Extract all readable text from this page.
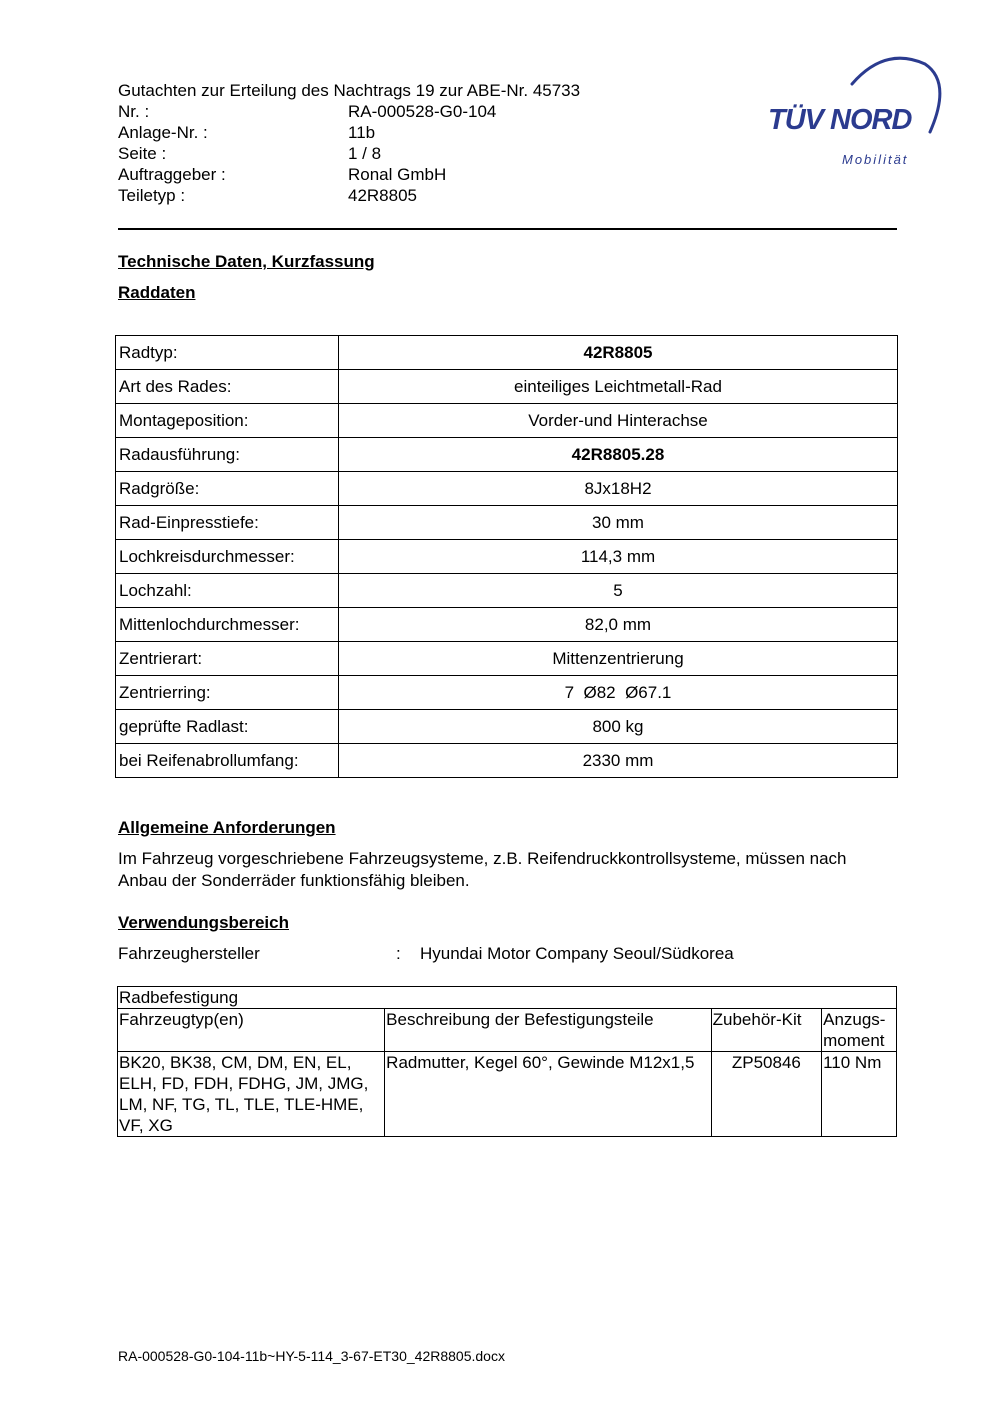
Gutachten zur Erteilung des Nachtrags 19 zur ABE-Nr. 45733
Nr. :	RA-000528-G0-104
Anlage-Nr. :	11b
Seite :	1 / 8
Auftraggeber :	Ronal GmbH
Teiletyp :	42R8805
TÜV NORD
Mobilität
Technische Daten, Kurzfassung
Raddaten
Radtyp:	42R8805
Art des Rades:	einteiliges Leichtmetall-Rad
Montageposition:	Vorder-und Hinterachse
Radausführung:	42R8805.28
Radgröße:	8Jx18H2
Rad-Einpresstiefe:	30 mm
Lochkreisdurchmesser:	114,3 mm
Lochzahl:	5
Mittenlochdurchmesser:	82,0 mm
Zentrierart:	Mittenzentrierung
Zentrierring:	7  Ø82  Ø67.1
geprüfte Radlast:	800 kg
bei Reifenabrollumfang:	2330 mm
Allgemeine Anforderungen
Im Fahrzeug vorgeschriebene Fahrzeugsysteme, z.B. Reifendruckkontrollsysteme, müssen nach Anbau der Sonderräder funktionsfähig bleiben.
Verwendungsbereich
Fahrzeughersteller	: Hyundai Motor Company Seoul/Südkorea
Radbefestigung			
Fahrzeugtyp(en)	Beschreibung der Befestigungsteile	Zubehör-Kit	Anzugs-moment
BK20, BK38, CM, DM, EN, EL, ELH, FD, FDH, FDHG, JM, JMG, LM, NF, TG, TL, TLE, TLE-HME, VF, XG	Radmutter, Kegel 60°, Gewinde M12x1,5	ZP50846	110 Nm
RA-000528-G0-104-11b~HY-5-114_3-67-ET30_42R8805.docx
